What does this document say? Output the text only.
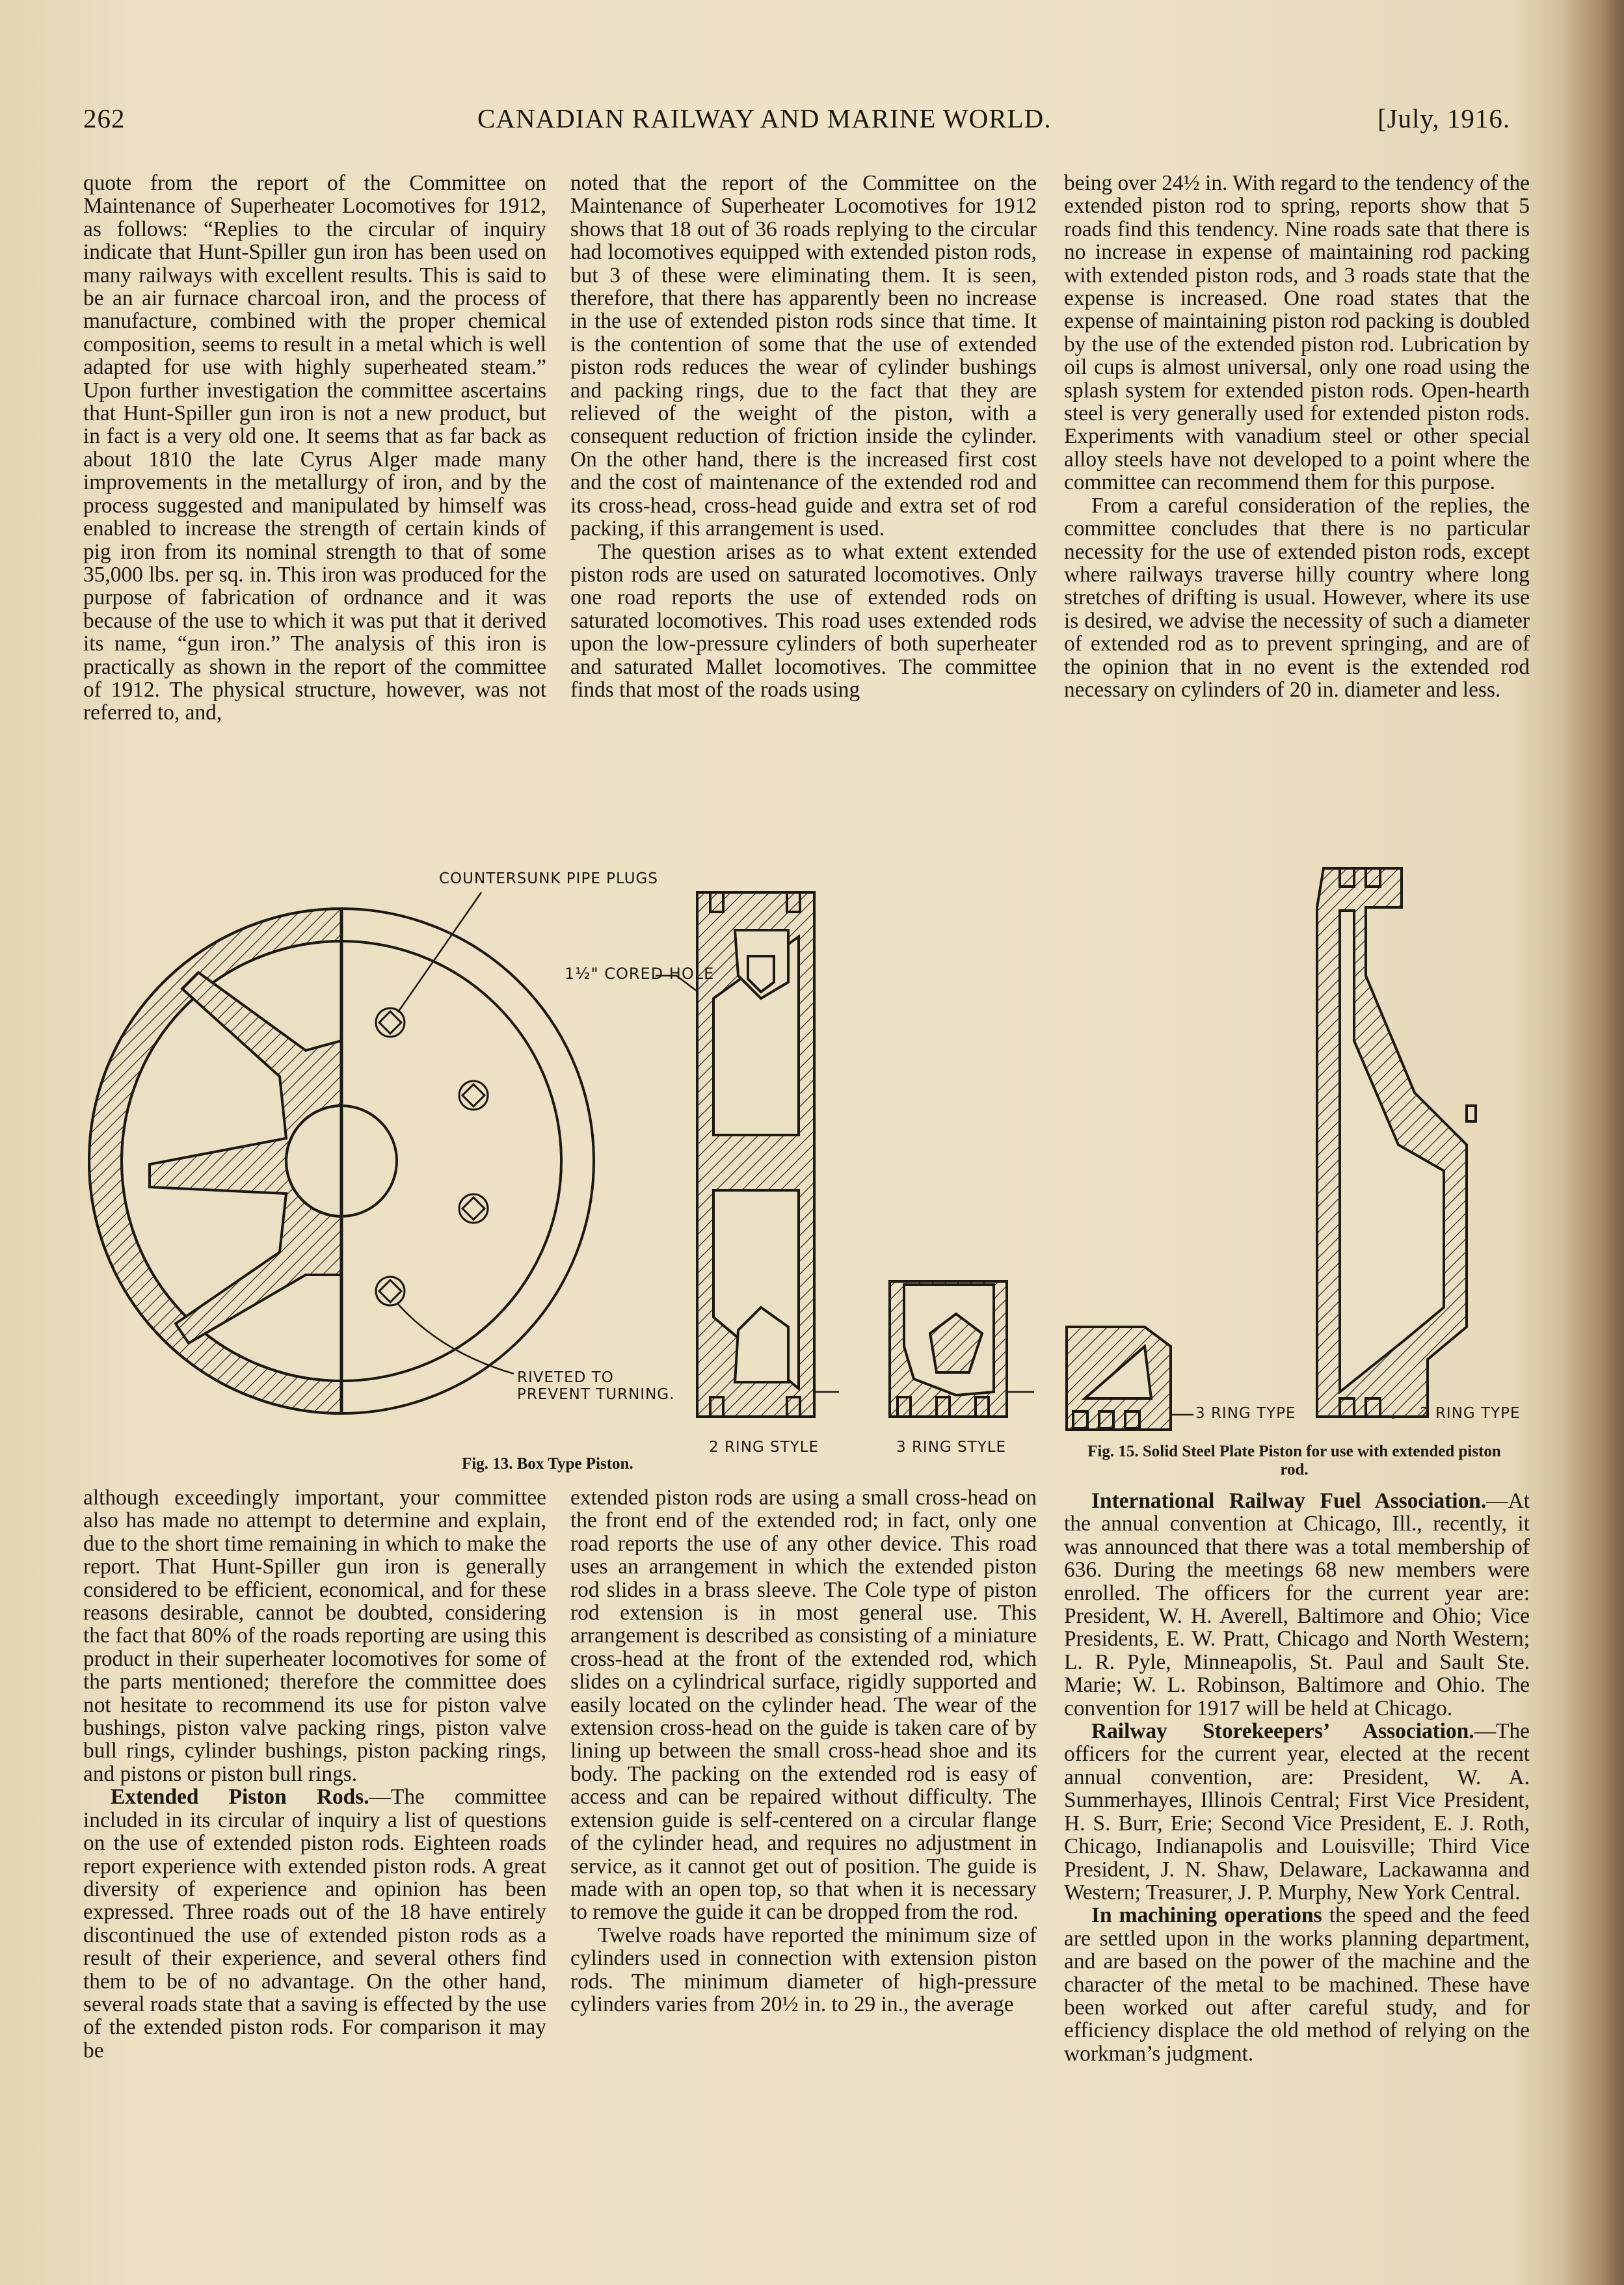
262	CANADIAN RAILWAY AND MARINE WORLD.	[July, 1916.

quote from the report of the Committee on Maintenance of Superheater Locomotives for 1912, as follows: “Replies to the circular of inquiry indicate that Hunt-Spiller gun iron has been used on many railways with excellent results. This is said to be an air furnace charcoal iron, and the process of manufacture, combined with the proper chemical composition, seems to result in a metal which is well adapted for use with highly superheated steam.” Upon further investigation the committee ascertains that Hunt-Spiller gun iron is not a new product, but in fact is a very old one. It seems that as far back as about 1810 the late Cyrus Alger made many improvements in the metallurgy of iron, and by the process suggested and manipulated by himself was enabled to increase the strength of certain kinds of pig iron from its nominal strength to that of some 35,000 lbs. per sq. in. This iron was produced for the purpose of fabrication of ordnance and it was because of the use to which it was put that it derived its name, “gun iron.” The analysis of this iron is practically as shown in the report of the committee of 1912. The physical structure, however, was not referred to, and,

noted that the report of the Committee on the Maintenance of Superheater Locomotives for 1912 shows that 18 out of 36 roads replying to the circular had locomotives equipped with extended piston rods, but 3 of these were eliminating them. It is seen, therefore, that there has apparently been no increase in the use of extended piston rods since that time. It is the contention of some that the use of extended piston rods reduces the wear of cylinder bushings and packing rings, due to the fact that they are relieved of the weight of the piston, with a consequent reduction of friction inside the cylinder. On the other hand, there is the increased first cost and the cost of maintenance of the extended rod and its cross-head, cross-head guide and extra set of rod packing, if this arrangement is used.

The question arises as to what extent extended piston rods are used on saturated locomotives. Only one road reports the use of extended rods on saturated locomotives. This road uses extended rods upon the low-pressure cylinders of both superheater and saturated Mallet locomotives. The committee finds that most of the roads using

being over 24½ in. With regard to the tendency of the extended piston rod to spring, reports show that 5 roads find this tendency. Nine roads sate that there is no increase in expense of maintaining rod packing with extended piston rods, and 3 roads state that the expense is increased. One road states that the expense of maintaining piston rod packing is doubled by the use of the extended piston rod. Lubrication by oil cups is almost universal, only one road using the splash system for extended piston rods. Open-hearth steel is very generally used for extended piston rods. Experiments with vanadium steel or other special alloy steels have not developed to a point where the committee can recommend them for this purpose.

From a careful consideration of the replies, the committee concludes that there is no particular necessity for the use of extended piston rods, except where railways traverse hilly country where long stretches of drifting is usual. However, where its use is desired, we advise the necessity of such a diameter of extended rod as to prevent springing, and are of the opinion that in no event is the extended rod necessary on cylinders of 20 in. diameter and less.

COUNTERSUNK PIPE PLUGS
1½" CORED HOLE
RIVETED TO PREVENT TURNING.
2 RING STYLE	3 RING STYLE
3 RING TYPE	2 RING TYPE
Fig. 13. Box Type Piston.
Fig. 15. Solid Steel Plate Piston for use with extended piston rod.

although exceedingly important, your committee also has made no attempt to determine and explain, due to the short time remaining in which to make the report. That Hunt-Spiller gun iron is generally considered to be efficient, economical, and for these reasons desirable, cannot be doubted, considering the fact that 80% of the roads reporting are using this product in their superheater locomotives for some of the parts mentioned; therefore the committee does not hesitate to recommend its use for piston valve bushings, piston valve packing rings, piston valve bull rings, cylinder bushings, piston packing rings, and pistons or piston bull rings.

Extended Piston Rods.—The committee included in its circular of inquiry a list of questions on the use of extended piston rods. Eighteen roads report experience with extended piston rods. A great diversity of experience and opinion has been expressed. Three roads out of the 18 have entirely discontinued the use of extended piston rods as a result of their experience, and several others find them to be of no advantage. On the other hand, several roads state that a saving is effected by the use of the extended piston rods. For comparison it may be

extended piston rods are using a small cross-head on the front end of the extended rod; in fact, only one road reports the use of any other device. This road uses an arrangement in which the extended piston rod slides in a brass sleeve. The Cole type of piston rod extension is in most general use. This arrangement is described as consisting of a miniature cross-head at the front of the extended rod, which slides on a cylindrical surface, rigidly supported and easily located on the cylinder head. The wear of the extension cross-head on the guide is taken care of by lining up between the small cross-head shoe and its body. The packing on the extended rod is easy of access and can be repaired without difficulty. The extension guide is self-centered on a circular flange of the cylinder head, and requires no adjustment in service, as it cannot get out of position. The guide is made with an open top, so that when it is necessary to remove the guide it can be dropped from the rod.

Twelve roads have reported the minimum size of cylinders used in connection with extension piston rods. The minimum diameter of high-pressure cylinders varies from 20½ in. to 29 in., the average

International Railway Fuel Association.—At the annual convention at Chicago, Ill., recently, it was announced that there was a total membership of 636. During the meetings 68 new members were enrolled. The officers for the current year are: President, W. H. Averell, Baltimore and Ohio; Vice Presidents, E. W. Pratt, Chicago and North Western; L. R. Pyle, Minneapolis, St. Paul and Sault Ste. Marie; W. L. Robinson, Baltimore and Ohio. The convention for 1917 will be held at Chicago.

Railway Storekeepers’ Association.—The officers for the current year, elected at the recent annual convention, are: President, W. A. Summerhayes, Illinois Central; First Vice President, H. S. Burr, Erie; Second Vice President, E. J. Roth, Chicago, Indianapolis and Louisville; Third Vice President, J. N. Shaw, Delaware, Lackawanna and Western; Treasurer, J. P. Murphy, New York Central.

In machining operations the speed and the feed are settled upon in the works planning department, and are based on the power of the machine and the character of the metal to be machined. These have been worked out after careful study, and for efficiency displace the old method of relying on the workman’s judgment.
